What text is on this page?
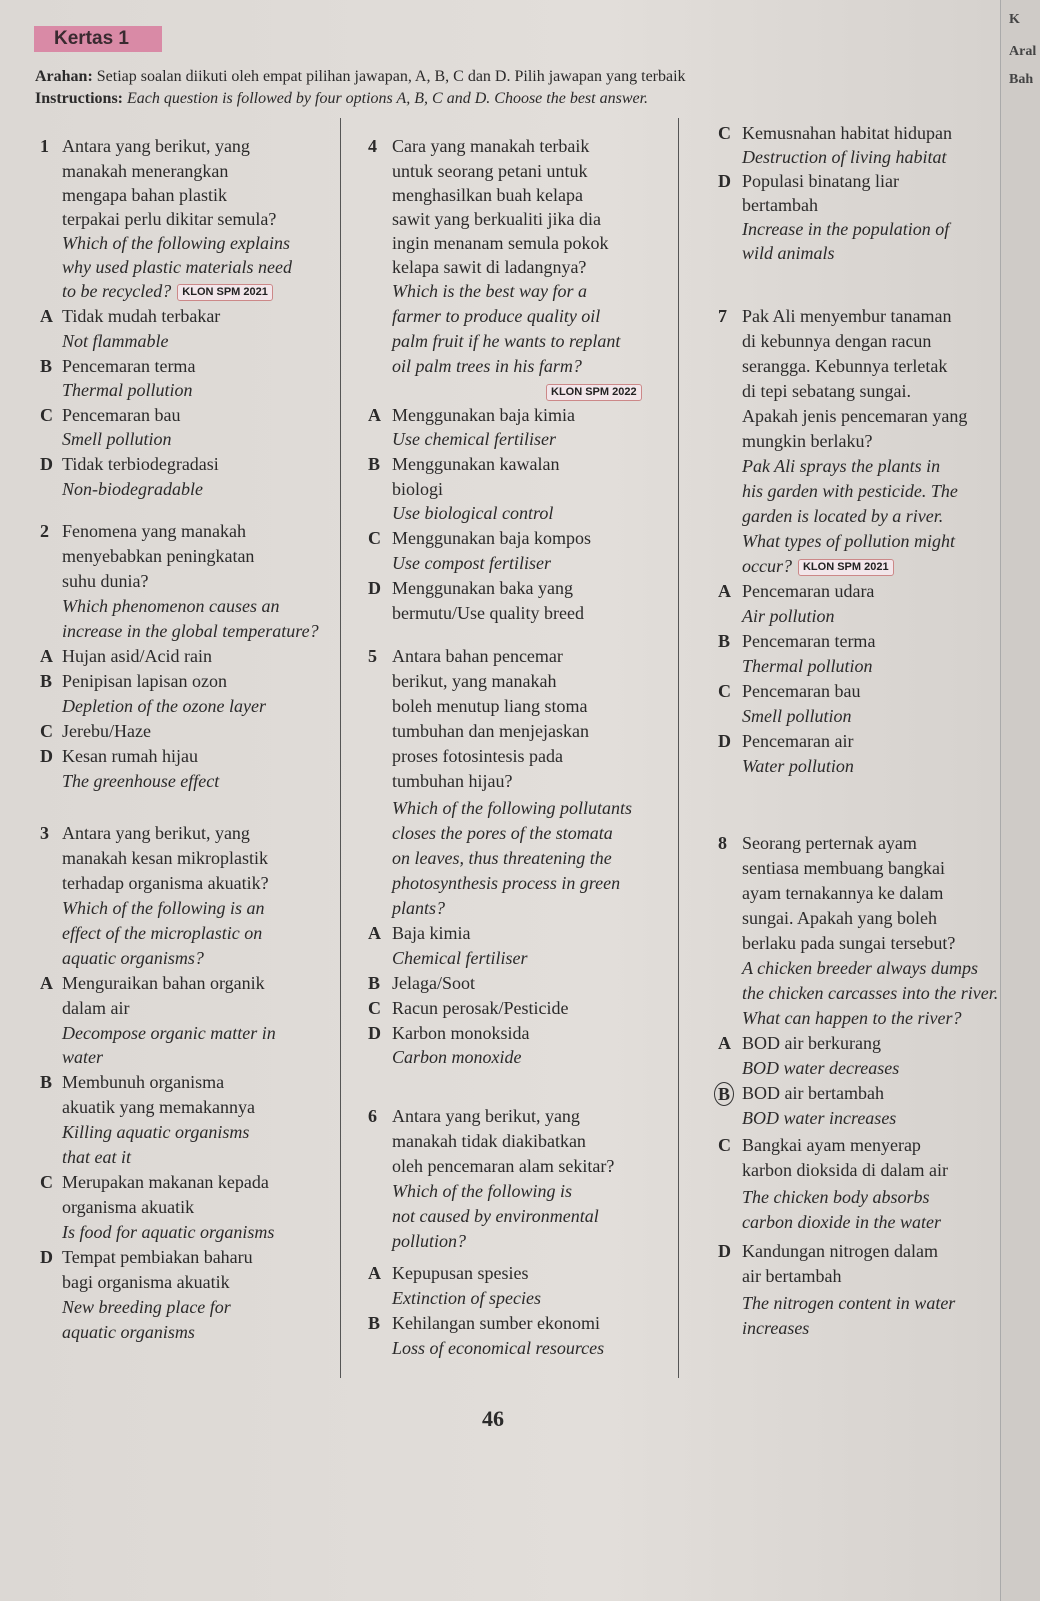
Kertas 1
Arahan: Setiap soalan diikuti oleh empat pilihan jawapan, A, B, C dan D. Pilih jawapan yang terbaik
Instructions: Each question is followed by four options A, B, C and D. Choose the best answer.
1 Antara yang berikut, yang
manakah menerangkan
mengapa bahan plastik
terpakai perlu dikitar semula?
Which of the following explains
why used plastic materials need
to be recycled? KLON SPM 2021
A Tidak mudah terbakar
Not flammable
B Pencemaran terma
Thermal pollution
C Pencemaran bau
Smell pollution
D Tidak terbiodegradasi
Non-biodegradable
2 Fenomena yang manakah
menyebabkan peningkatan
suhu dunia?
Which phenomenon causes an
increase in the global temperature?
A Hujan asid/Acid rain
B Penipisan lapisan ozon
Depletion of the ozone layer
C Jerebu/Haze
D Kesan rumah hijau
The greenhouse effect
3 Antara yang berikut, yang
manakah kesan mikroplastik
terhadap organisma akuatik?
Which of the following is an
effect of the microplastic on
aquatic organisms?
A Menguraikan bahan organik
dalam air
Decompose organic matter in
water
B Membunuh organisma
akuatik yang memakannya
Killing aquatic organisms
that eat it
C Merupakan makanan kepada
organisma akuatik
Is food for aquatic organisms
D Tempat pembiakan baharu
bagi organisma akuatik
New breeding place for
aquatic organisms
4 Cara yang manakah terbaik
untuk seorang petani untuk
menghasilkan buah kelapa
sawit yang berkualiti jika dia
ingin menanam semula pokok
kelapa sawit di ladangnya?
Which is the best way for a
farmer to produce quality oil
palm fruit if he wants to replant
oil palm trees in his farm?
KLON SPM 2022
A Menggunakan baja kimia
Use chemical fertiliser
B Menggunakan kawalan
biologi
Use biological control
C Menggunakan baja kompos
Use compost fertiliser
D Menggunakan baka yang
bermutu/Use quality breed
5 Antara bahan pencemar
berikut, yang manakah
boleh menutup liang stoma
tumbuhan dan menjejaskan
proses fotosintesis pada
tumbuhan hijau?
Which of the following pollutants
closes the pores of the stomata
on leaves, thus threatening the
photosynthesis process in green
plants?
A Baja kimia
Chemical fertiliser
B Jelaga/Soot
C Racun perosak/Pesticide
D Karbon monoksida
Carbon monoxide
6 Antara yang berikut, yang
manakah tidak diakibatkan
oleh pencemaran alam sekitar?
Which of the following is
not caused by environmental
pollution?
A Kepupusan spesies
Extinction of species
B Kehilangan sumber ekonomi
Loss of economical resources
C Kemusnahan habitat hidupan
Destruction of living habitat
D Populasi binatang liar
bertambah
Increase in the population of
wild animals
7 Pak Ali menyembur tanaman
di kebunnya dengan racun
serangga. Kebunnya terletak
di tepi sebatang sungai.
Apakah jenis pencemaran yang
mungkin berlaku?
Pak Ali sprays the plants in
his garden with pesticide. The
garden is located by a river.
What types of pollution might
occur? KLON SPM 2021
A Pencemaran udara
Air pollution
B Pencemaran terma
Thermal pollution
C Pencemaran bau
Smell pollution
D Pencemaran air
Water pollution
8 Seorang perternak ayam
sentiasa membuang bangkai
ayam ternakannya ke dalam
sungai. Apakah yang boleh
berlaku pada sungai tersebut?
A chicken breeder always dumps
the chicken carcasses into the river.
What can happen to the river?
A BOD air berkurang
BOD water decreases
B BOD air bertambah
BOD water increases
C Bangkai ayam menyerap
karbon dioksida di dalam air
The chicken body absorbs
carbon dioxide in the water
D Kandungan nitrogen dalam
air bertambah
The nitrogen content in water
increases
46
K
Aral
Bah
